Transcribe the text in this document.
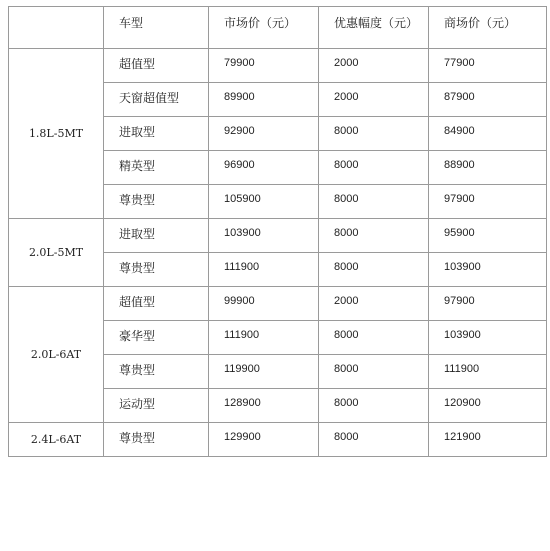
	车型	市场价（元）	优惠幅度（元）	商场价（元）
1.8L-5MT	超值型	79900	2000	77900
	天窗超值型	89900	2000	87900
	进取型	92900	8000	84900
	精英型	96900	8000	88900
	尊贵型	105900	8000	97900
2.0L-5MT	进取型	103900	8000	95900
	尊贵型	111900	8000	103900
2.0L-6AT	超值型	99900	2000	97900
	豪华型	111900	8000	103900
	尊贵型	119900	8000	111900
	运动型	128900	8000	120900
2.4L-6AT	尊贵型	129900	8000	121900
